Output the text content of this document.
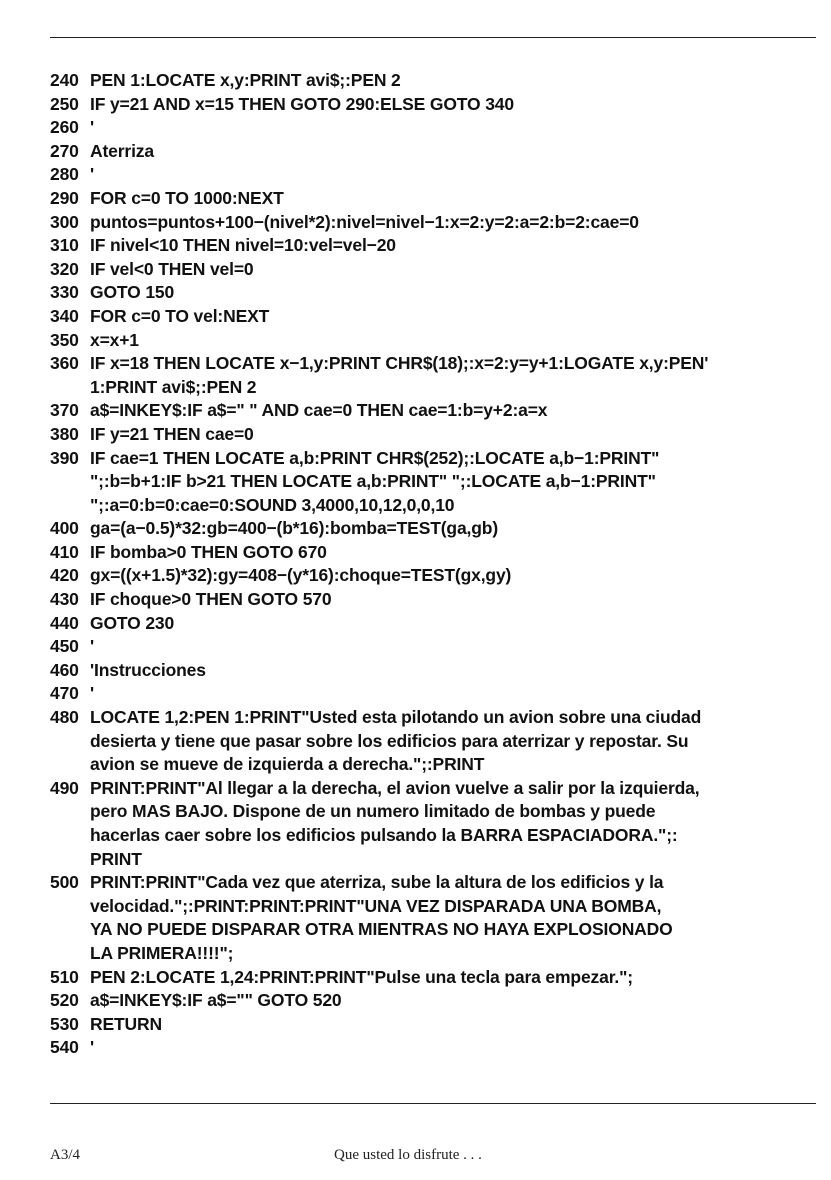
240 PEN 1:LOCATE x,y:PRINT avi$;:PEN 2
250 IF y=21 AND x=15 THEN GOTO 290:ELSE GOTO 340
260 '
270 Aterriza
280 '
290 FOR c=0 TO 1000:NEXT
300 puntos=puntos+100−(nivel*2):nivel=nivel−1:x=2:y=2:a=2:b=2:cae=0
310 IF nivel<10 THEN nivel=10:vel=vel−20
320 IF vel<0 THEN vel=0
330 GOTO 150
340 FOR c=0 TO vel:NEXT
350 x=x+1
360 IF x=18 THEN LOCATE x−1,y:PRINT CHR$(18);:x=2:y=y+1:LOGATE x,y:PEN'
1:PRINT avi$;:PEN 2
370 a$=INKEY$:IF a$=" " AND cae=0 THEN cae=1:b=y+2:a=x
380 IF y=21 THEN cae=0
390 IF cae=1 THEN LOCATE a,b:PRINT CHR$(252);:LOCATE a,b−1:PRINT"
";:b=b+1:IF b>21 THEN LOCATE a,b:PRINT" ";:LOCATE a,b−1:PRINT"
";:a=0:b=0:cae=0:SOUND 3,4000,10,12,0,0,10
400 ga=(a−0.5)*32:gb=400−(b*16):bomba=TEST(ga,gb)
410 IF bomba>0 THEN GOTO 670
420 gx=((x+1.5)*32):gy=408−(y*16):choque=TEST(gx,gy)
430 IF choque>0 THEN GOTO 570
440 GOTO 230
450 '
460 'Instrucciones
470 '
480 LOCATE 1,2:PEN 1:PRINT"Usted esta pilotando un avion sobre una ciudad
desierta y tiene que pasar sobre los edificios para aterrizar y repostar. Su
avion se mueve de izquierda a derecha.";:PRINT
490 PRINT:PRINT"Al llegar a la derecha, el avion vuelve a salir por la izquierda,
pero MAS BAJO. Dispone de un numero limitado de bombas y puede
hacerlas caer sobre los edificios pulsando la BARRA ESPACIADORA.";:
PRINT
500 PRINT:PRINT"Cada vez que aterriza, sube la altura de los edificios y la
velocidad.";:PRINT:PRINT:PRINT"UNA VEZ DISPARADA UNA BOMBA,
YA NO PUEDE DISPARAR OTRA MIENTRAS NO HAYA EXPLOSIONADO
LA PRIMERA!!!!";
510 PEN 2:LOCATE 1,24:PRINT:PRINT"Pulse una tecla para empezar.";
520 a$=INKEY$:IF a$="" GOTO 520
530 RETURN
540 '
A3/4	Que usted lo disfrute . . .
